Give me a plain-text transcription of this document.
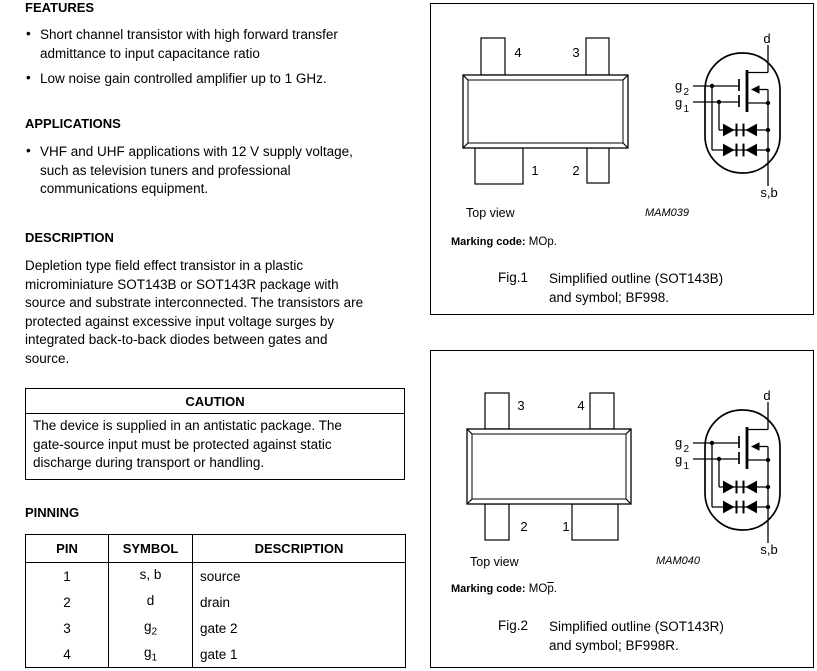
FEATURES
• Short channel transistor with high forward transfer
admittance to input capacitance ratio
• Low noise gain controlled amplifier up to 1 GHz.
APPLICATIONS
• VHF and UHF applications with 12 V supply voltage,
such as television tuners and professional
communications equipment.
DESCRIPTION
Depletion type field effect transistor in a plastic
microminiature SOT143B or SOT143R package with
source and substrate interconnected. The transistors are
protected against excessive input voltage surges by
integrated back-to-back diodes between gates and
source.
CAUTION
The device is supplied in an antistatic package. The
gate-source input must be protected against static
discharge during transport or handling.
PINNING
PIN	SYMBOL	DESCRIPTION
1	s, b	source
2	d	drain
3	$g_2$	gate 2
4	$g_1$	gate 1
4	3
1	2
Top view	MAM039
d
s,b
g 2
g 1
Marking code: MOp.
Fig.1 Simplified outline (SOT143B)
and symbol; BF998.
3	4
2	1
Top view	MAM040
d
s,b
g 2
g 1
Marking code: $MO\overline{p}$.
Fig.2 Simplified outline (SOT143R)
and symbol; BF998R.
